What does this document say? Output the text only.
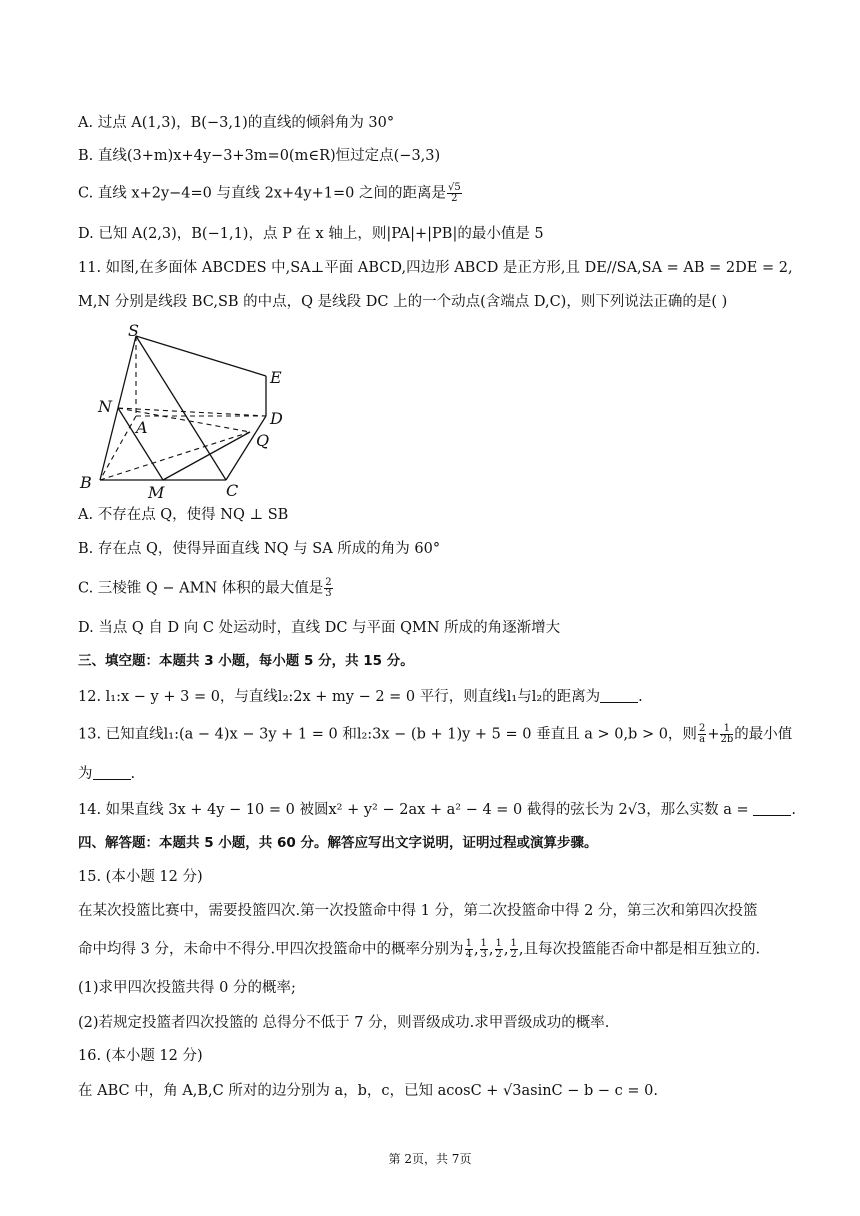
A. 过点 A(1,3)，B(−3,1)的直线的倾斜角为 30°
B. 直线(3+m)x+4y−3+3m=0(m∈R)恒过定点(−3,3)
C. 直线 x+2y−4=0 与直线 2x+4y+1=0 之间的距离是 $\frac{√5}{2}$
D. 已知 A(2,3)，B(−1,1)，点 P 在 x 轴上，则|PA|+|PB|的最小值是 5
11. 如图,在多面体 ABCDES 中,SA⊥平面 ABCD,四边形 ABCD 是正方形,且 DE//SA,SA = AB = 2DE = 2,
M,N 分别是线段 BC,SB 的中点，Q 是线段 DC 上的一个动点(含端点 D,C)，则下列说法正确的是( )
S
E
N
A	D
Q
B
M	C
A. 不存在点 Q，使得 NQ ⊥ SB
B. 存在点 Q，使得异面直线 NQ 与 SA 所成的角为 60°
C. 三棱锥 Q − AMN 体积的最大值是 $\frac{2}{3}$
D. 当点 Q 自 D 向 C 处运动时，直线 DC 与平面 QMN 所成的角逐渐增大
三、填空题：本题共 3 小题，每小题 5 分，共 15 分。
12. l₁:x − y + 3 = 0，与直线l₂:2x + my − 2 = 0 平行，则直线l₁与l₂的距离为	.
13. 已知直线l₁:(a − 4)x − 3y + 1 = 0 和l₂:3x − (b + 1)y + 5 = 0 垂直且 a > 0,b > 0，则 $\frac{2}{a} + \frac{1}{2b}$ 的最小值
为	.
14. 如果直线 3x + 4y − 10 = 0 被圆x² + y² − 2ax + a² − 4 = 0 截得的弦长为 2√3，那么实数 a =	.
四、解答题：本题共 5 小题，共 60 分。解答应写出文字说明，证明过程或演算步骤。
15. (本小题 12 分)
在某次投篮比赛中，需要投篮四次.第一次投篮命中得 1 分，第二次投篮命中得 2 分，第三次和第四次投篮
命中均得 3 分，未命中不得分.甲四次投篮命中的概率分别为 $\frac{1}{4}$ , $\frac{1}{3}$ , $\frac{1}{2}$ , $\frac{1}{2}$ ,且每次投篮能否命中都是相互独立的.
(1)求甲四次投篮共得 0 分的概率;
(2)若规定投篮者四次投篮的 总得分不低于 7 分，则晋级成功.求甲晋级成功的概率.
16. (本小题 12 分)
在 ABC 中，角 A,B,C 所对的边分别为 a，b，c，已知 acosC + √3asinC − b − c = 0.
第 2页，共 7页
